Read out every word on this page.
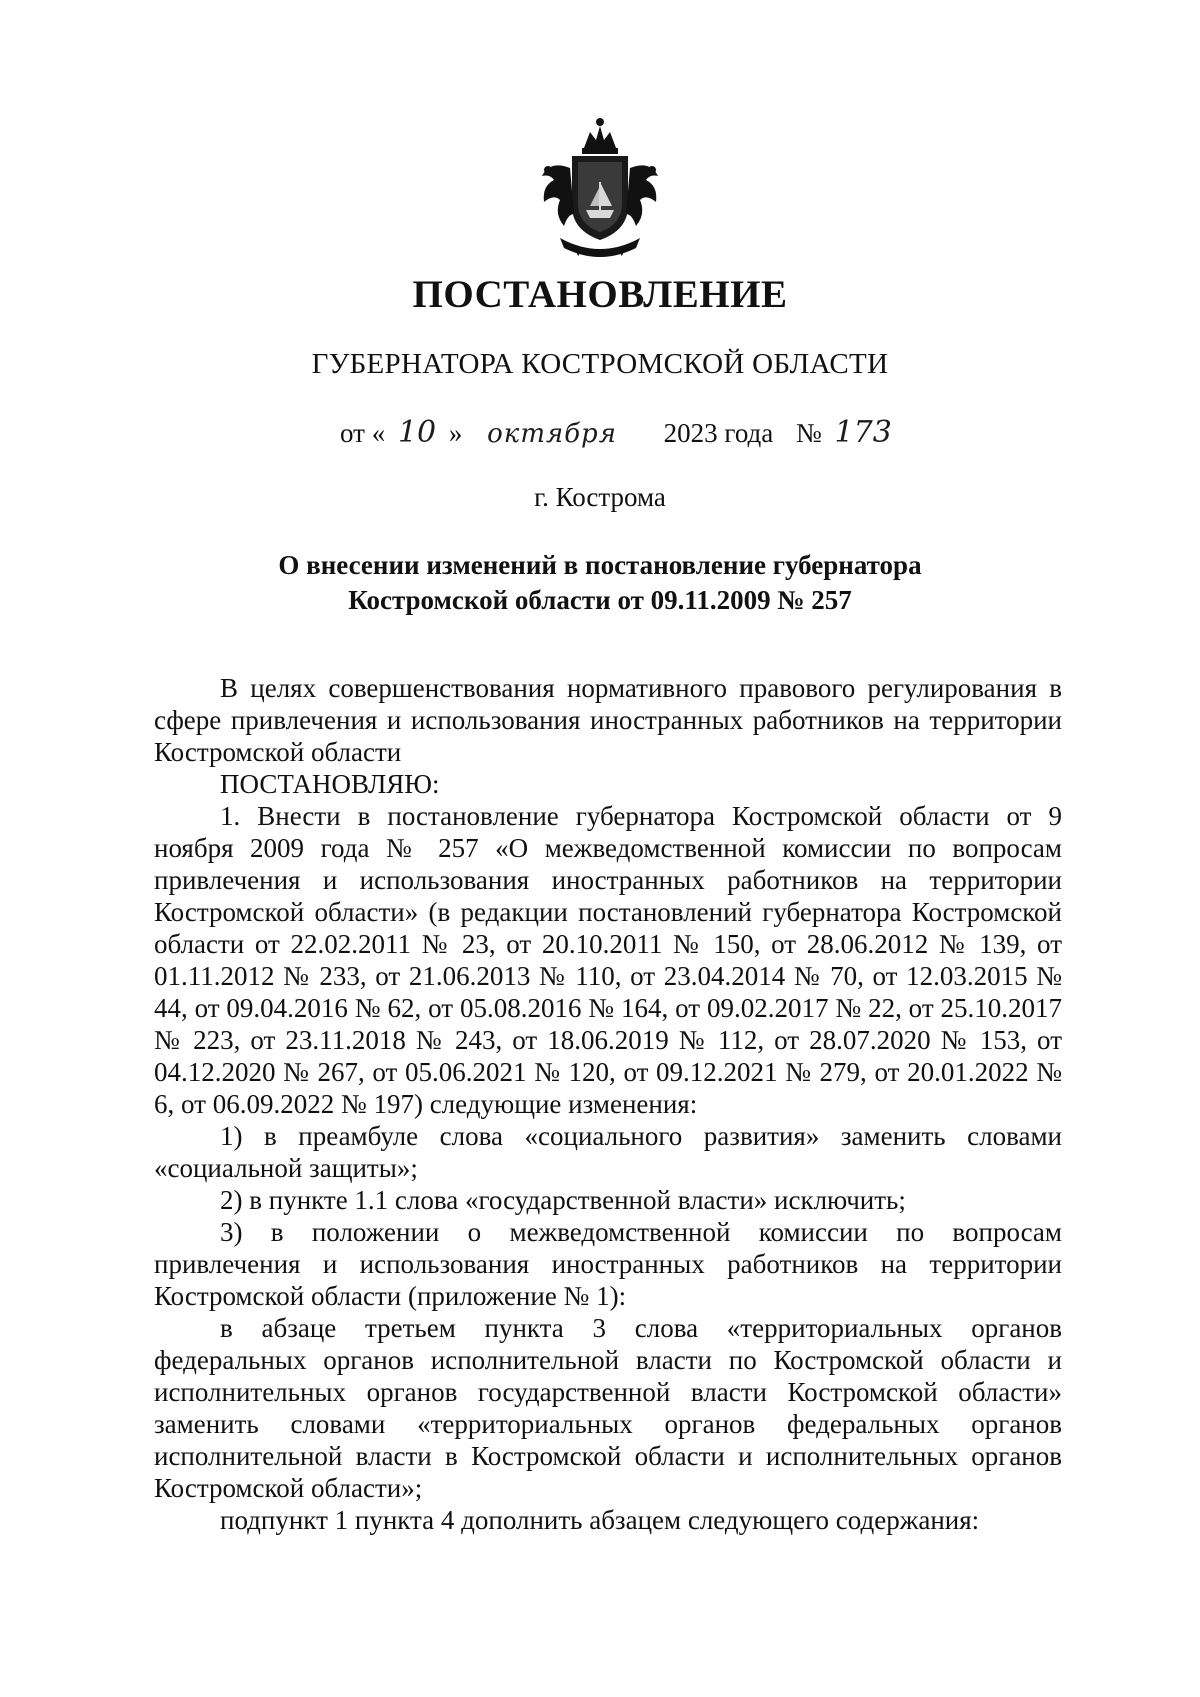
ПОСТАНОВЛЕНИЕ
ГУБЕРНАТОРА КОСТРОМСКОЙ ОБЛАСТИ
от « 10 » октября 2023 года № 173
г. Кострома
О внесении изменений в постановление губернатора
Костромской области от 09.11.2009 № 257

В целях совершенствования нормативного правового регулирования в сфере привлечения и использования иностранных работников на территории Костромской области

ПОСТАНОВЛЯЮ:

1. Внести в постановление губернатора Костромской области от 9 ноября 2009 года № 257 «О межведомственной комиссии по вопросам привлечения и использования иностранных работников на территории Костромской области» (в редакции постановлений губернатора Костромской области от 22.02.2011 № 23, от 20.10.2011 № 150, от 28.06.2012 № 139, от 01.11.2012 № 233, от 21.06.2013 № 110, от 23.04.2014 № 70, от 12.03.2015 № 44, от 09.04.2016 № 62, от 05.08.2016 № 164, от 09.02.2017 № 22, от 25.10.2017 № 223, от 23.11.2018 № 243, от 18.06.2019 № 112, от 28.07.2020 № 153, от 04.12.2020 № 267, от 05.06.2021 № 120, от 09.12.2021 № 279, от 20.01.2022 № 6, от 06.09.2022 № 197) следующие изменения:

1) в преамбуле слова «социального развития» заменить словами «социальной защиты»;

2) в пункте 1.1 слова «государственной власти» исключить;

3) в положении о межведомственной комиссии по вопросам привлечения и использования иностранных работников на территории Костромской области (приложение № 1):

в абзаце третьем пункта 3 слова «территориальных органов федеральных органов исполнительной власти по Костромской области и исполнительных органов государственной власти Костромской области» заменить словами «территориальных органов федеральных органов исполнительной власти в Костромской области и исполнительных органов Костромской области»;

подпункт 1 пункта 4 дополнить абзацем следующего содержания:
